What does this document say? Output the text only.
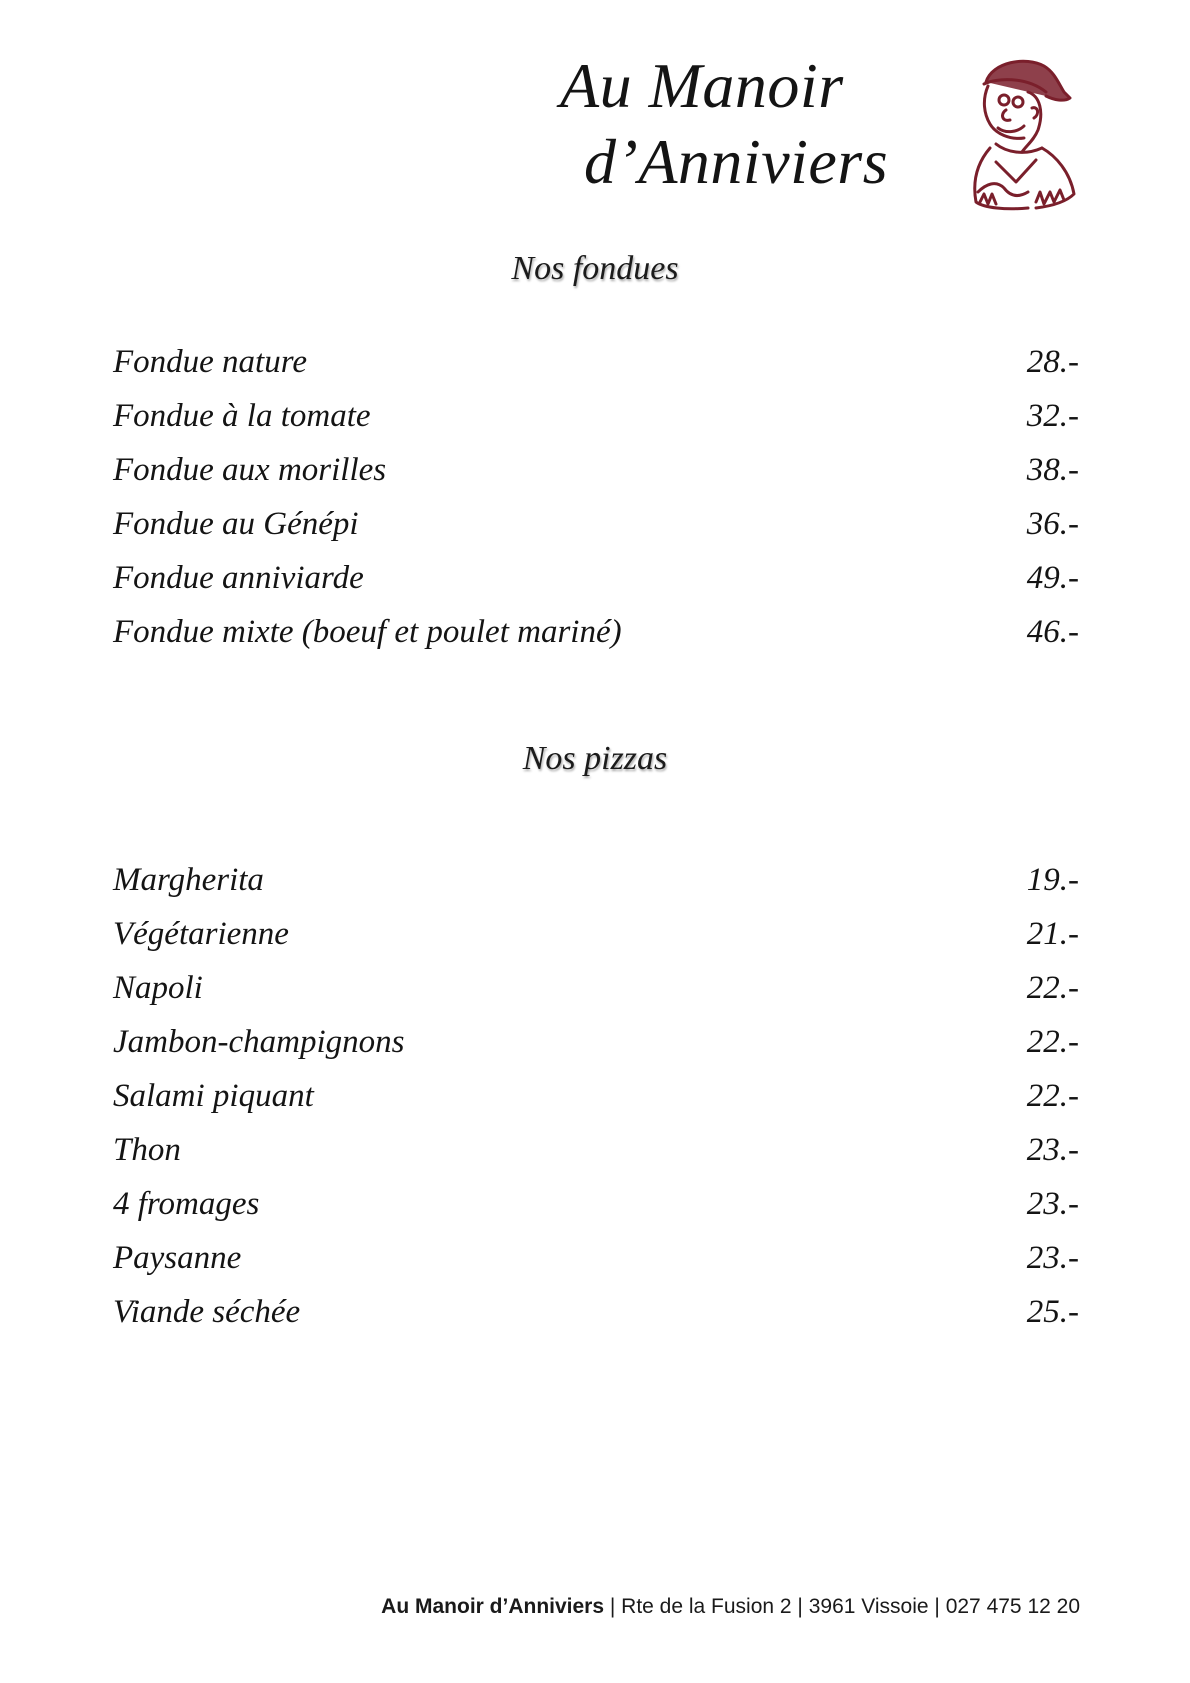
Au Manoir
d’Anniviers
Nos fondues
Fondue nature	28.-
Fondue à la tomate	32.-
Fondue aux morilles	38.-
Fondue au Génépi	36.-
Fondue anniviarde	49.-
Fondue mixte (boeuf et poulet mariné)	46.-
Nos pizzas
Margherita	19.-
Végétarienne	21.-
Napoli	22.-
Jambon-champignons	22.-
Salami piquant	22.-
Thon	23.-
4 fromages	23.-
Paysanne	23.-
Viande séchée	25.-
Au Manoir d’Anniviers | Rte de la Fusion 2 | 3961 Vissoie | 027 475 12 20
